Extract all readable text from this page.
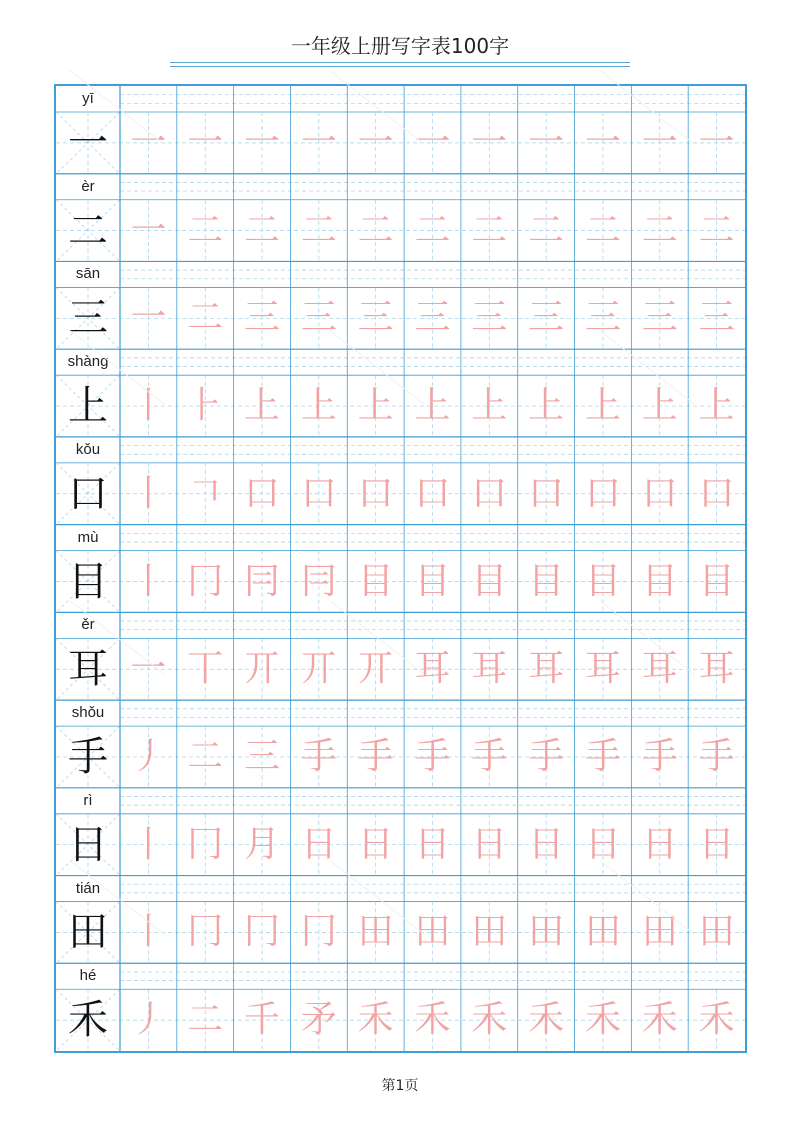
一年级上册写字表100字
yī
一 一 一 一 一 一 一 一 一 一 一 一
èr
二 一 二 二 二 二 二 二 二 二 二 二
sān
三 一 二 三 三 三 三 三 三 三 三 三
shàng
上 丨 ⺊ 上 上 上 上 上 上 上 上 上
kǒu
口 丨 𠃍 口 口 口 口 口 口 口 口 口
mù
目 丨 冂 冃 冃 目 目 目 目 目 目 目
ěr
耳 一 丅 丌 丌 丌 耳 耳 耳 耳 耳 耳
shǒu
手 丿 二 三 手 手 手 手 手 手 手 手
rì
日 丨 冂 月 日 日 日 日 日 日 日 日
tián
田 丨 冂 冂 冂 田 田 田 田 田 田 田
hé
禾 丿 二 千 矛 禾 禾 禾 禾 禾 禾 禾

第1页
